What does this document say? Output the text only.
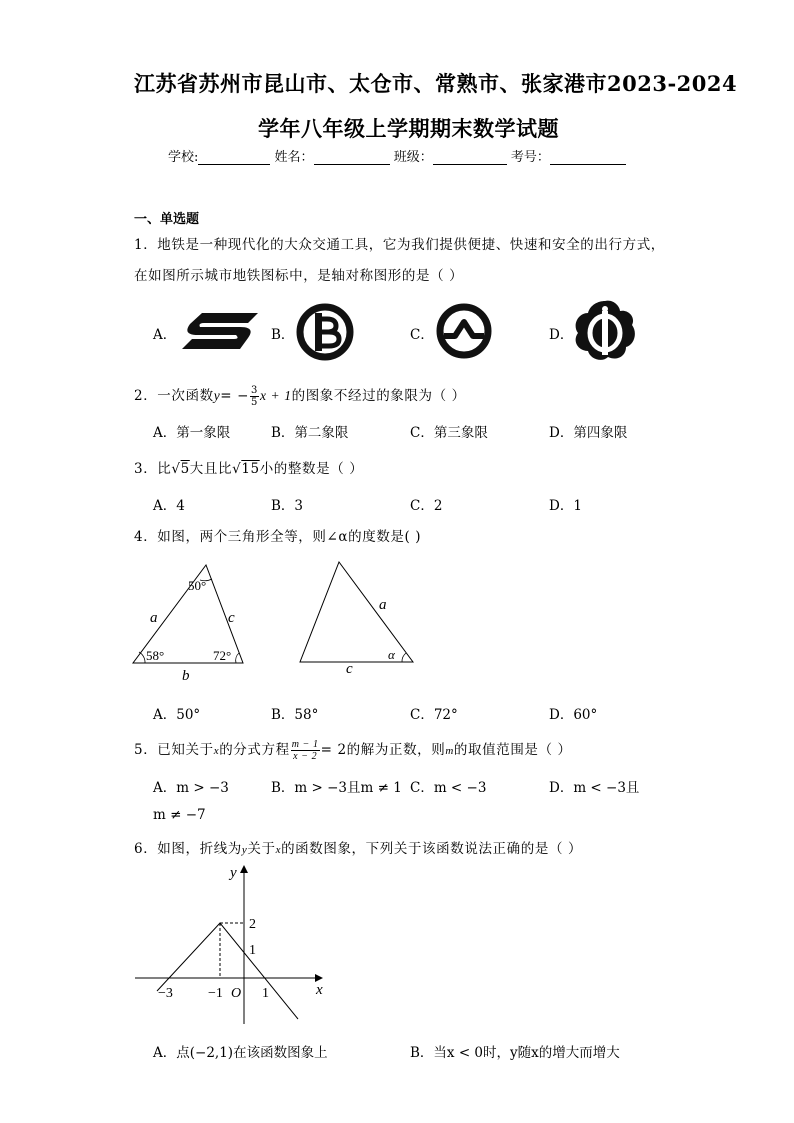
江苏省苏州市昆山市、太仓市、常熟市、张家港市2023-2024
学年八年级上学期期末数学试题
学校:	姓名：	班级：	考号：
一、单选题
1．地铁是一种现代化的大众交通工具，它为我们提供便捷、快速和安全的出行方式，
在如图所示城市地铁图标中，是轴对称图形的是（ ）
A．	B．	C．	D．
2．一次函数$y= - \frac{3}{5}$ x + 1的图象不经过的象限为（ ）
A．第一象限	B．第二象限	C．第三象限	D．第四象限
3．比√5大且比√15小的整数是（ ）
A．4	B．3	C．2	D．1
4．如图，两个三角形全等，则∠α的度数是( )
50°
58°	72°
a	c
b
a
c
α
A．50°	B．58°	C．72°	D．60°
5．已知关于x的分式方程 $\frac{m - 1}{x - 2} = 2$的解为正数，则m的取值范围是（ ）
A．m > −3	B．m > −3且m ≠ 1 C．m < −3	D．m < −3且
m ≠ −7
6．如图，折线为y关于x的函数图象，下列关于该函数说法正确的是（ ）
x
y
O
−3	−1	1
2
1
A．点(−2,1)在该函数图象上	B．当x < 0时，y随x的增大而增大
